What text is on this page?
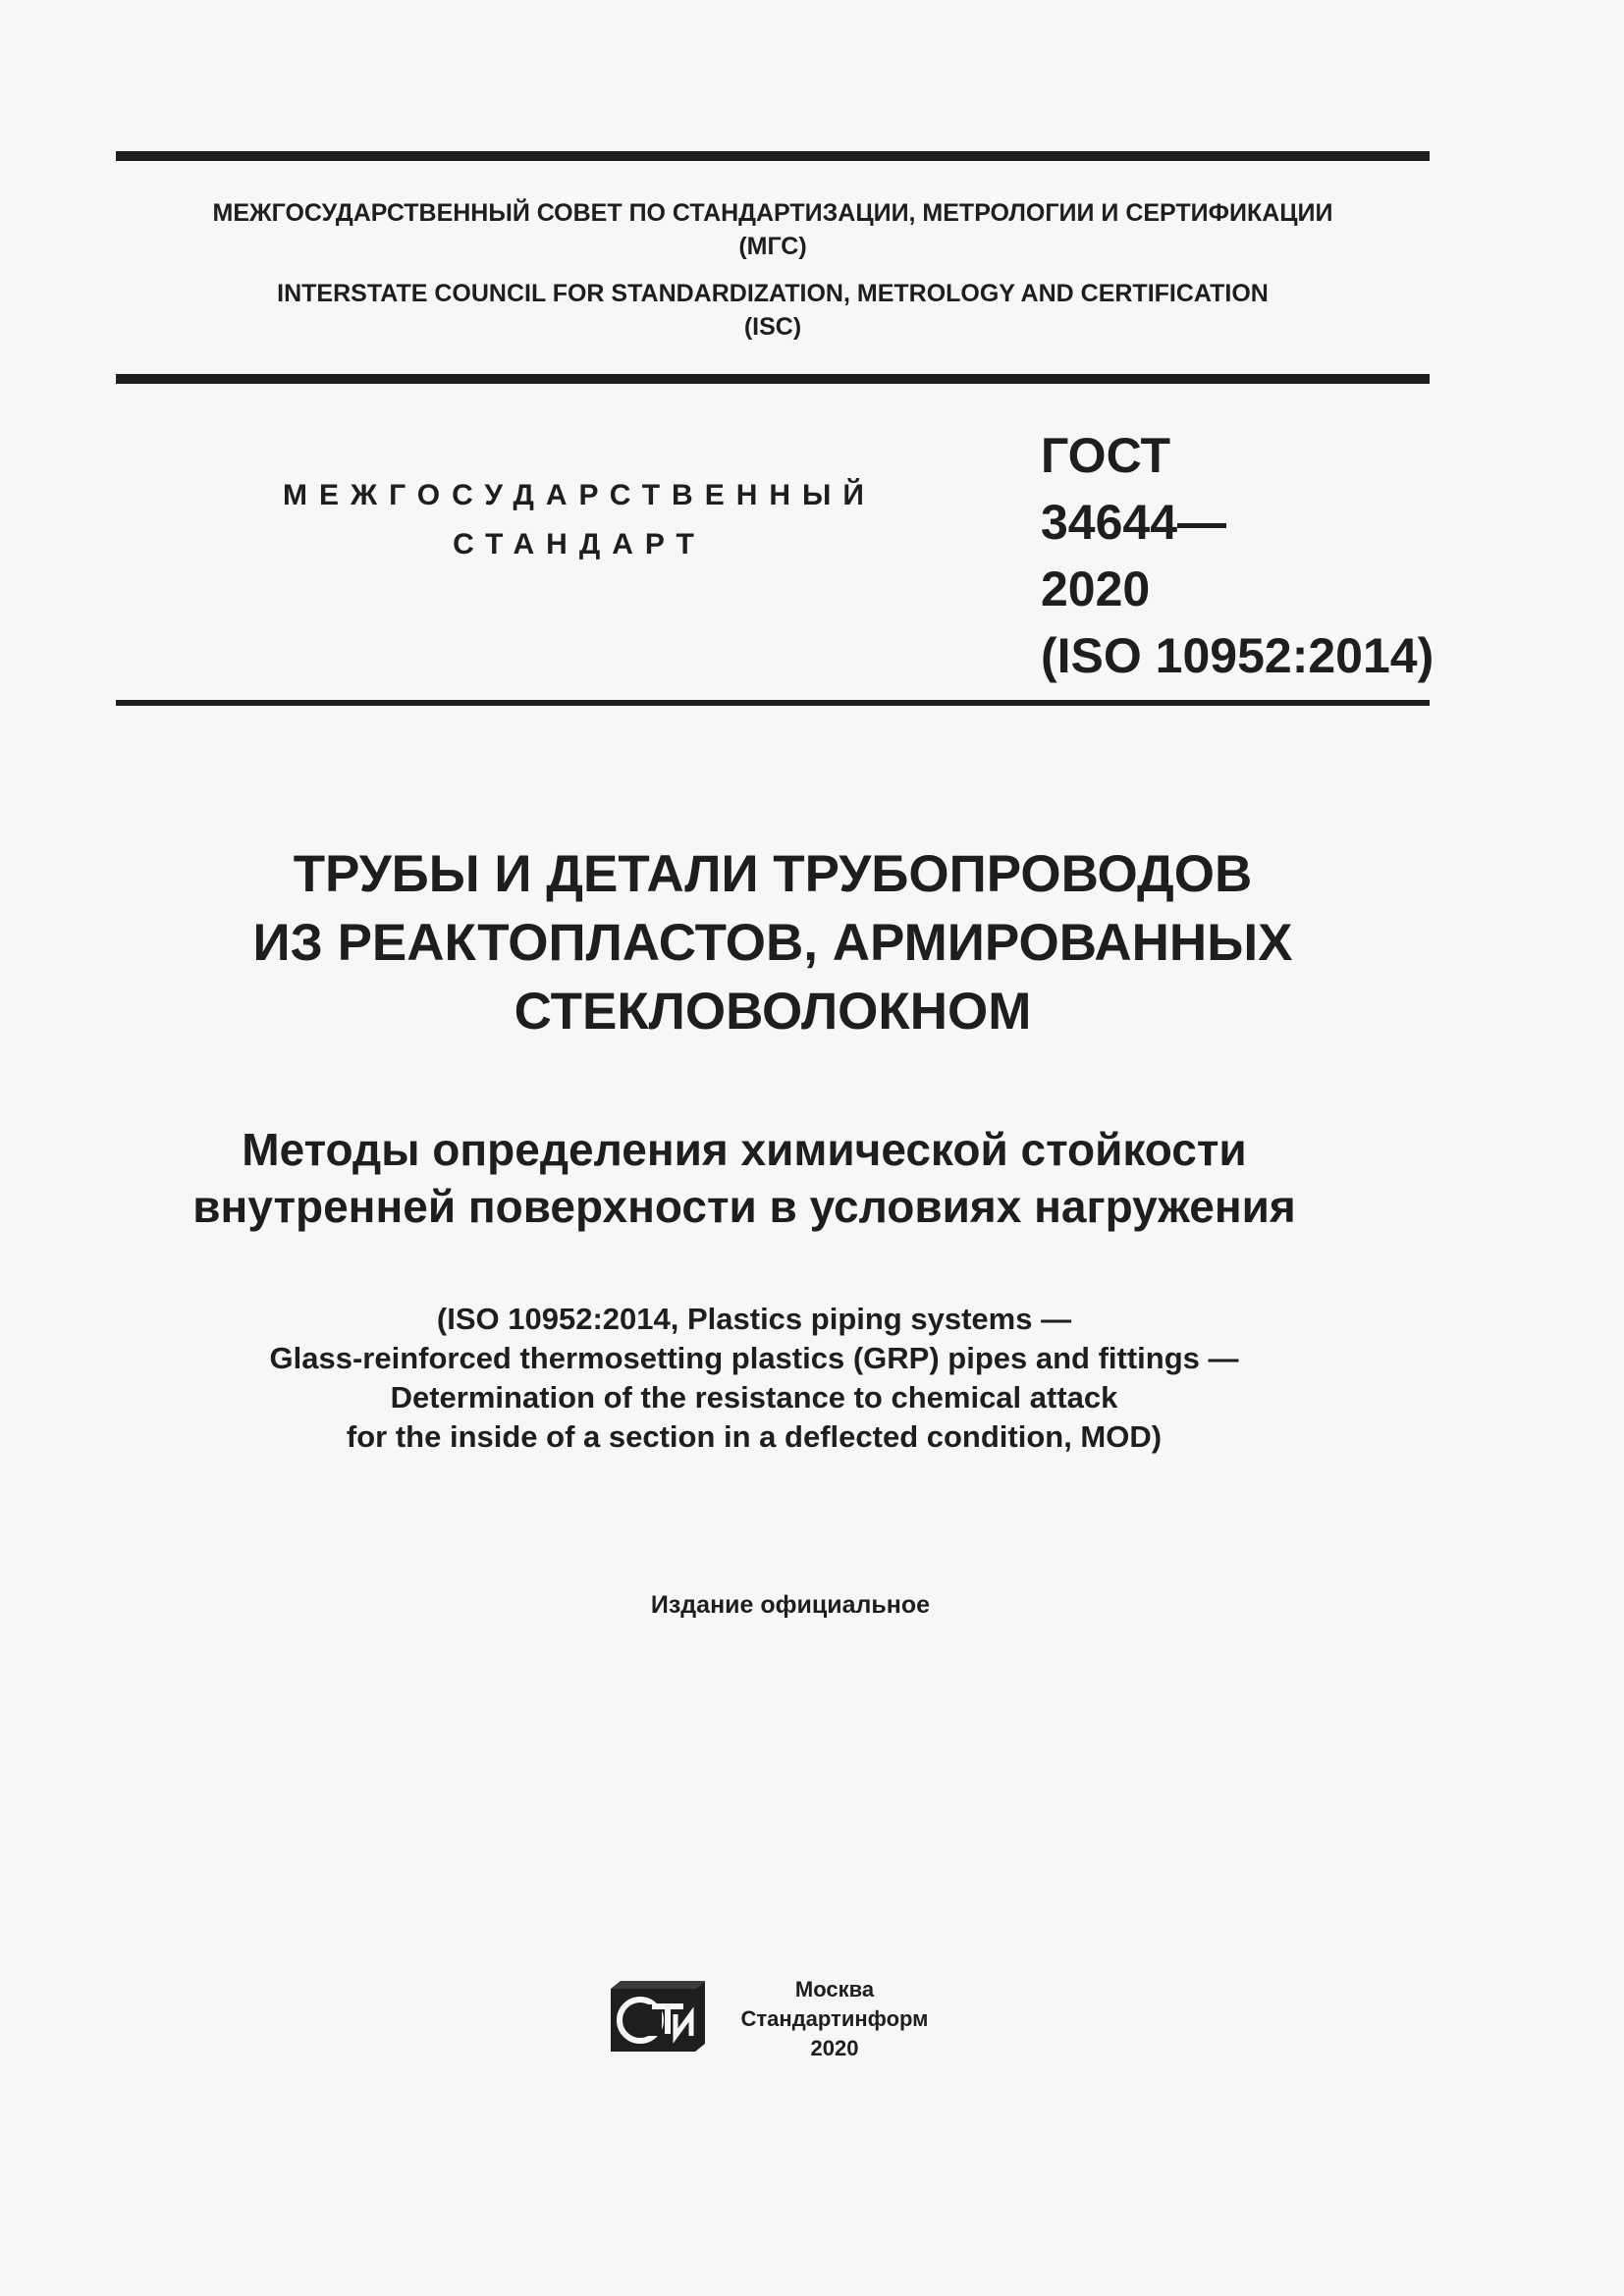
МЕЖГОСУДАРСТВЕННЫЙ СОВЕТ ПО СТАНДАРТИЗАЦИИ, МЕТРОЛОГИИ И СЕРТИФИКАЦИИ
(МГС)
INTERSTATE COUNCIL FOR STANDARDIZATION, METROLOGY AND CERTIFICATION
(ISC)
МЕЖГОСУДАРСТВЕННЫЙ
СТАНДАРТ
ГОСТ
34644—
2020
(ISO 10952:2014)
ТРУБЫ И ДЕТАЛИ ТРУБОПРОВОДОВ
ИЗ РЕАКТОПЛАСТОВ, АРМИРОВАННЫХ
СТЕКЛОВОЛОКНОМ
Методы определения химической стойкости
внутренней поверхности в условиях нагружения
(ISO 10952:2014, Plastics piping systems —
Glass-reinforced thermosetting plastics (GRP) pipes and fittings —
Determination of the resistance to chemical attack
for the inside of a section in a deflected condition, MOD)
Издание официальное
Москва
Стандартинформ
2020
